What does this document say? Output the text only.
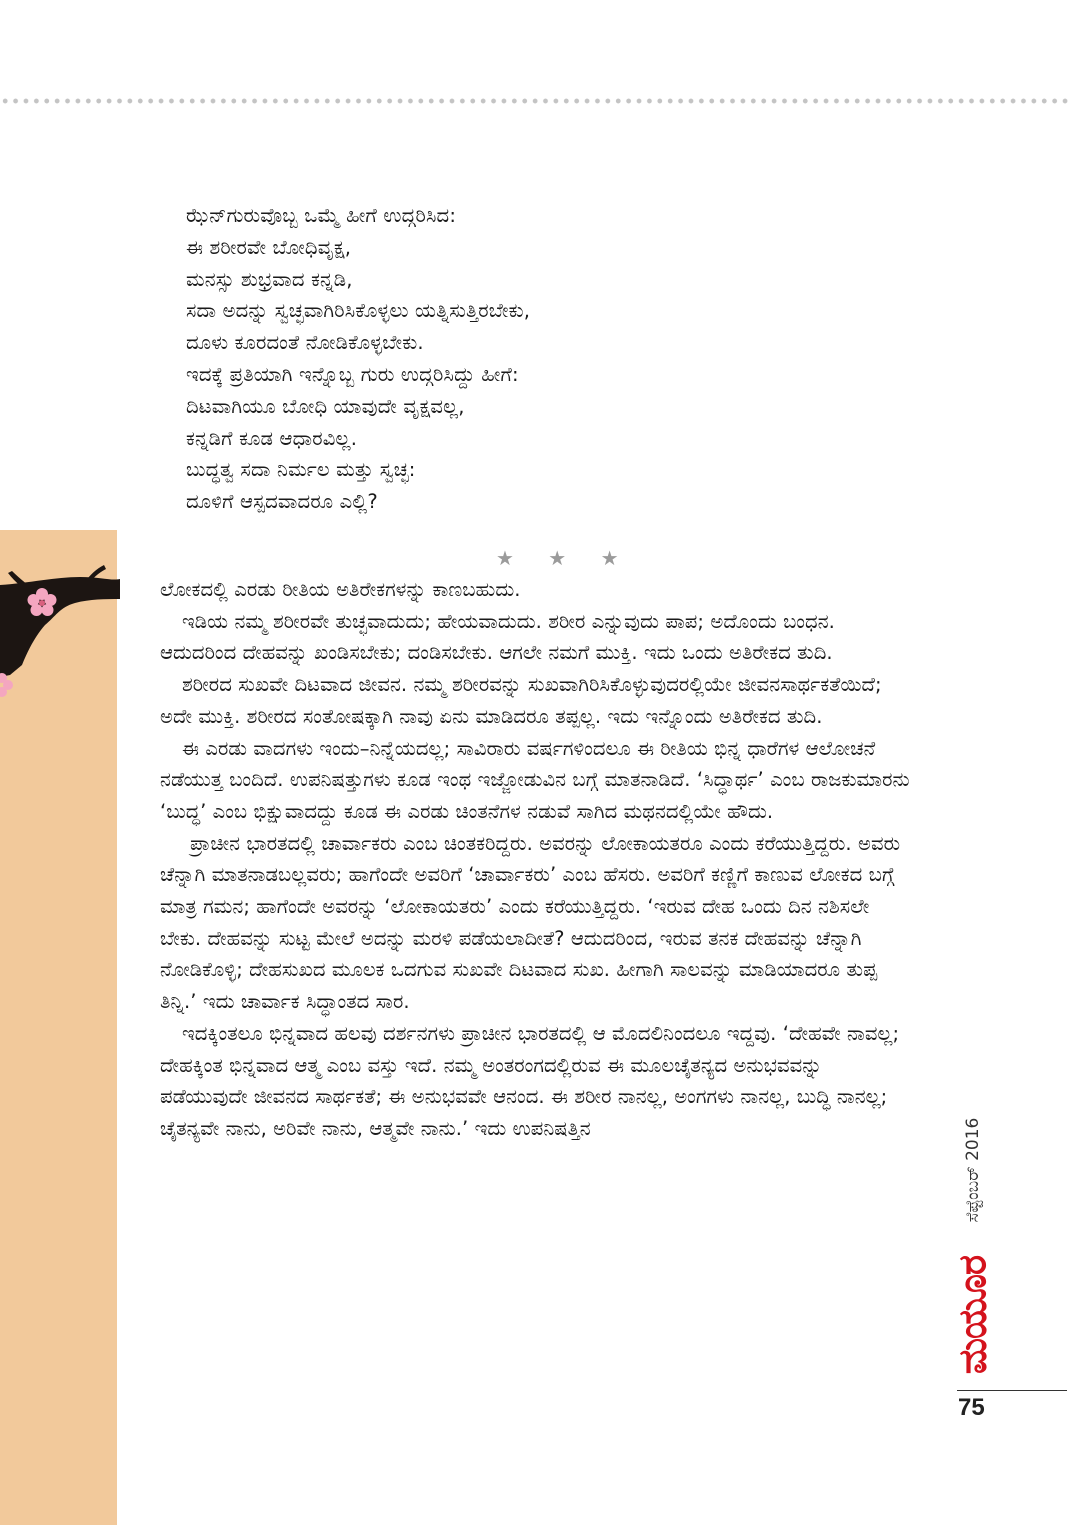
ಝೆನ್‌ಗುರುವೊಬ್ಬ ಒಮ್ಮೆ ಹೀಗೆ ಉದ್ಗರಿಸಿದ:
ಈ ಶರೀರವೇ ಬೋಧಿವೃಕ್ಷ,
ಮನಸ್ಸು ಶುಭ್ರವಾದ ಕನ್ನಡಿ,
ಸದಾ ಅದನ್ನು ಸ್ವಚ್ಛವಾಗಿರಿಸಿಕೊಳ್ಳಲು ಯತ್ನಿಸುತ್ತಿರಬೇಕು,
ದೂಳು ಕೂರದಂತೆ ನೋಡಿಕೊಳ್ಳಬೇಕು.
ಇದಕ್ಕೆ ಪ್ರತಿಯಾಗಿ ಇನ್ನೊಬ್ಬ ಗುರು ಉದ್ಗರಿಸಿದ್ದು ಹೀಗೆ:
ದಿಟವಾಗಿಯೂ ಬೋಧಿ ಯಾವುದೇ ವೃಕ್ಷವಲ್ಲ,
ಕನ್ನಡಿಗೆ ಕೂಡ ಆಧಾರವಿಲ್ಲ.
ಬುದ್ಧತ್ವ ಸದಾ ನಿರ್ಮಲ ಮತ್ತು ಸ್ವಚ್ಛ:
ದೂಳಿಗೆ ಆಸ್ಪದವಾದರೂ ಎಲ್ಲಿ?
★ ★ ★

ಲೋಕದಲ್ಲಿ ಎರಡು ರೀತಿಯ ಅತಿರೇಕಗಳನ್ನು ಕಾಣಬಹುದು.

ಇಡಿಯ ನಮ್ಮ ಶರೀರವೇ ತುಚ್ಛವಾದುದು; ಹೇಯವಾದುದು. ಶರೀರ ಎನ್ನುವುದು ಪಾಪ; ಅದೊಂದು ಬಂಧನ. ಆದುದರಿಂದ ದೇಹವನ್ನು ಖಂಡಿಸಬೇಕು; ದಂಡಿಸಬೇಕು. ಆಗಲೇ ನಮಗೆ ಮುಕ್ತಿ. ಇದು ಒಂದು ಅತಿರೇಕದ ತುದಿ.

ಶರೀರದ ಸುಖವೇ ದಿಟವಾದ ಜೀವನ. ನಮ್ಮ ಶರೀರವನ್ನು ಸುಖವಾಗಿರಿಸಿಕೊಳ್ಳುವುದರಲ್ಲಿಯೇ ಜೀವನಸಾರ್ಥಕತೆಯಿದೆ; ಅದೇ ಮುಕ್ತಿ. ಶರೀರದ ಸಂತೋಷಕ್ಕಾಗಿ ನಾವು ಏನು ಮಾಡಿದರೂ ತಪ್ಪಲ್ಲ. ಇದು ಇನ್ನೊಂದು ಅತಿರೇಕದ ತುದಿ.

ಈ ಎರಡು ವಾದಗಳು ಇಂದು–ನಿನ್ನೆಯದಲ್ಲ; ಸಾವಿರಾರು ವರ್ಷಗಳಿಂದಲೂ ಈ ರೀತಿಯ ಭಿನ್ನ ಧಾರೆಗಳ ಆಲೋಚನೆ ನಡೆಯುತ್ತ ಬಂದಿದೆ. ಉಪನಿಷತ್ತುಗಳು ಕೂಡ ಇಂಥ ಇಜ್ಜೋಡುವಿನ ಬಗ್ಗೆ ಮಾತನಾಡಿದೆ. ‘ಸಿದ್ಧಾರ್ಥ’ ಎಂಬ ರಾಜಕುಮಾರನು ‘ಬುದ್ಧ’ ಎಂಬ ಭಿಕ್ಷುವಾದದ್ದು ಕೂಡ ಈ ಎರಡು ಚಿಂತನೆಗಳ ನಡುವೆ ಸಾಗಿದ ಮಥನದಲ್ಲಿಯೇ ಹೌದು.

ಪ್ರಾಚೀನ ಭಾರತದಲ್ಲಿ ಚಾರ್ವಾಕರು ಎಂಬ ಚಿಂತಕರಿದ್ದರು. ಅವರನ್ನು ಲೋಕಾಯತರೂ ಎಂದು ಕರೆಯುತ್ತಿದ್ದರು. ಅವರು ಚೆನ್ನಾಗಿ ಮಾತನಾಡಬಲ್ಲವರು; ಹಾಗೆಂದೇ ಅವರಿಗೆ ‘ಚಾರ್ವಾಕರು’ ಎಂಬ ಹೆಸರು. ಅವರಿಗೆ ಕಣ್ಣಿಗೆ ಕಾಣುವ ಲೋಕದ ಬಗ್ಗೆ ಮಾತ್ರ ಗಮನ; ಹಾಗೆಂದೇ ಅವರನ್ನು ‘ಲೋಕಾಯತರು’ ಎಂದು ಕರೆಯುತ್ತಿದ್ದರು. ‘ಇರುವ ದೇಹ ಒಂದು ದಿನ ನಶಿಸಲೇ ಬೇಕು. ದೇಹವನ್ನು ಸುಟ್ಟ ಮೇಲೆ ಅದನ್ನು ಮರಳಿ ಪಡೆಯಲಾದೀತೆ? ಆದುದರಿಂದ, ಇರುವ ತನಕ ದೇಹವನ್ನು ಚೆನ್ನಾಗಿ ನೋಡಿಕೊಳ್ಳಿ; ದೇಹಸುಖದ ಮೂಲಕ ಒದಗುವ ಸುಖವೇ ದಿಟವಾದ ಸುಖ. ಹೀಗಾಗಿ ಸಾಲವನ್ನು ಮಾಡಿಯಾದರೂ ತುಪ್ಪ ತಿನ್ನಿ.’ ಇದು ಚಾರ್ವಾಕ ಸಿದ್ಧಾಂತದ ಸಾರ.

ಇದಕ್ಕಿಂತಲೂ ಭಿನ್ನವಾದ ಹಲವು ದರ್ಶನಗಳು ಪ್ರಾಚೀನ ಭಾರತದಲ್ಲಿ ಆ ಮೊದಲಿನಿಂದಲೂ ಇದ್ದವು. ‘ದೇಹವೇ ನಾವಲ್ಲ; ದೇಹಕ್ಕಿಂತ ಭಿನ್ನವಾದ ಆತ್ಮ ಎಂಬ ವಸ್ತು ಇದೆ. ನಮ್ಮ ಅಂತರಂಗದಲ್ಲಿರುವ ಈ ಮೂಲಚೈತನ್ಯದ ಅನುಭವವನ್ನು ಪಡೆಯುವುದೇ ಜೀವನದ ಸಾರ್ಥಕತೆ; ಈ ಅನುಭವವೇ ಆನಂದ. ಈ ಶರೀರ ನಾನಲ್ಲ, ಅಂಗಗಳು ನಾನಲ್ಲ, ಬುದ್ಧಿ ನಾನಲ್ಲ; ಚೈತನ್ಯವೇ ನಾನು, ಅರಿವೇ ನಾನು, ಆತ್ಮವೇ ನಾನು.’ ಇದು ಉಪನಿಷತ್ತಿನ	ಸೆಪ್ಟೆಂಬರ್ 2016
ಮಯೂರ
75
